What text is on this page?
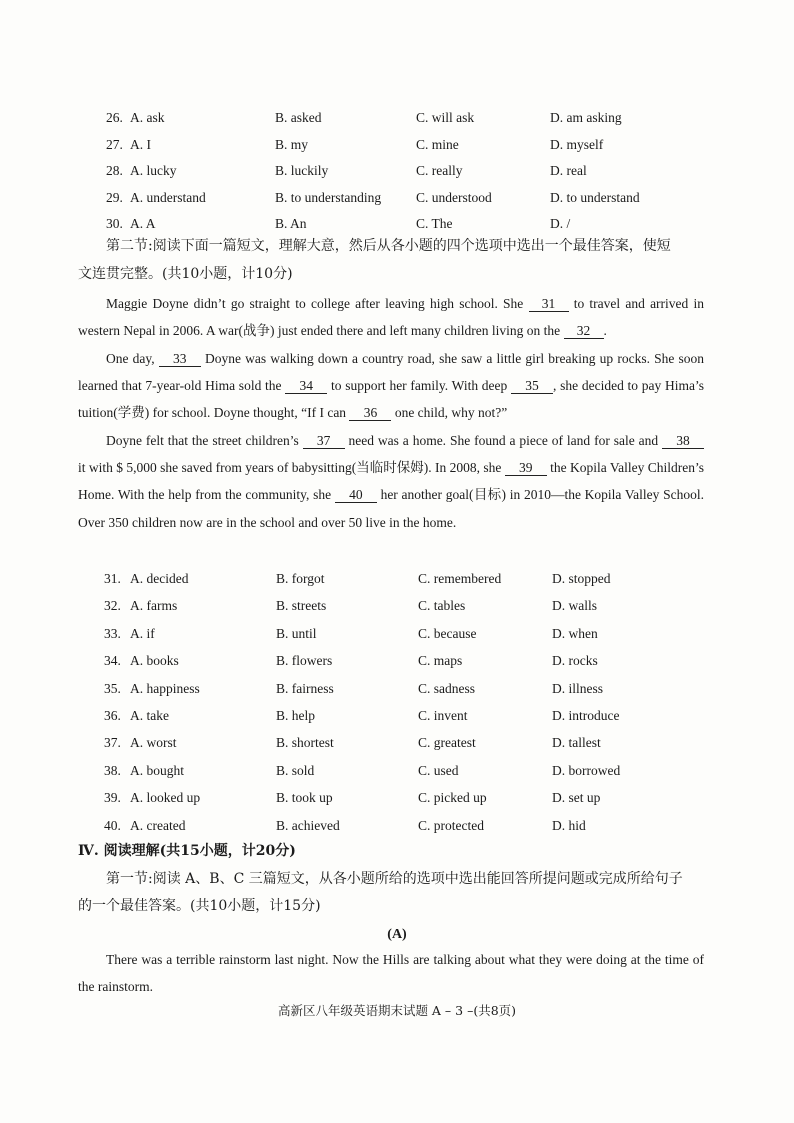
26. A. ask	B. asked	C. will ask	D. am asking
27. A. I	B. my	C. mine	D. myself
28. A. lucky	B. luckily	C. really	D. real
29. A. understand	B. to understanding	C. understood	D. to understand
30. A. A	B. An	C. The	D. /

第二节:阅读下面一篇短文，理解大意，然后从各小题的四个选项中选出一个最佳答案，使短

文连贯完整。(共10小题，计10分)

Maggie Doyne didn’t go straight to college after leaving high school. She 31 to travel and arrived in western Nepal in 2006. A war(战争) just ended there and left many children living on the 32 .

One day, 33 Doyne was walking down a country road, she saw a little girl breaking up rocks. She soon learned that 7-year-old Hima sold the 34 to support her family. With deep 35 , she decided to pay Hima’s tuition(学费) for school. Doyne thought, “If I can 36 one child, why not?”

Doyne felt that the street children’s 37 need was a home. She found a piece of land for sale and 38 it with $ 5,000 she saved from years of babysitting(当临时保姆). In 2008, she 39 the Kopila Valley Children’s Home. With the help from the community, she 40 her another goal(目标) in 2010—the Kopila Valley School. Over 350 children now are in the school and over 50 live in the home.

31. A. decided	B. forgot	C. remembered	D. stopped
32. A. farms	B. streets	C. tables	D. walls
33. A. if	B. until	C. because	D. when
34. A. books	B. flowers	C. maps	D. rocks
35. A. happiness	B. fairness	C. sadness	D. illness
36. A. take	B. help	C. invent	D. introduce
37. A. worst	B. shortest	C. greatest	D. tallest
38. A. bought	B. sold	C. used	D. borrowed
39. A. looked up	B. took up	C. picked up	D. set up
40. A. created	B. achieved	C. protected	D. hid

Ⅳ. 阅读理解(共15小题，计20分)

第一节:阅读 A、B、C 三篇短文，从各小题所给的选项中选出能回答所提问题或完成所给句子

的一个最佳答案。(共10小题，计15分)

(A)

There was a terrible rainstorm last night. Now the Hills are talking about what they were doing at the time of the rainstorm.

高新区八年级英语期末试题 A – 3 –(共8页)
